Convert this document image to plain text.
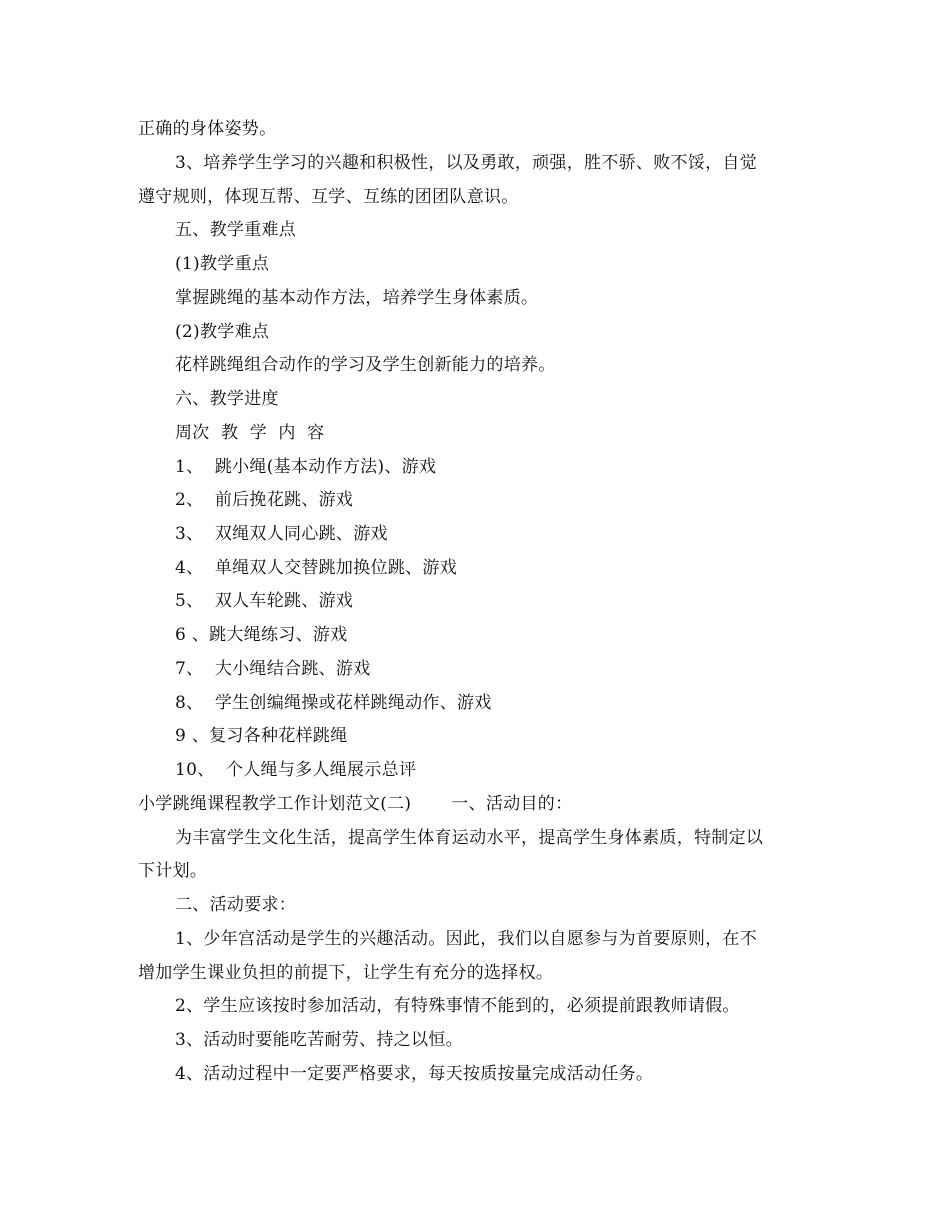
正确的身体姿势。
3、培养学生学习的兴趣和积极性，以及勇敢，顽强，胜不骄、败不馁，自觉
遵守规则，体现互帮、互学、互练的团团队意识。
五、教学重难点
(1)教学重点
掌握跳绳的基本动作方法，培养学生身体素质。
(2)教学难点
花样跳绳组合动作的学习及学生创新能力的培养。
六、教学进度
周次  教  学  内  容
1、  跳小绳(基本动作方法)、游戏
2、  前后挽花跳、游戏
3、  双绳双人同心跳、游戏
4、  单绳双人交替跳加换位跳、游戏
5、  双人车轮跳、游戏
6 、跳大绳练习、游戏
7、  大小绳结合跳、游戏
8、  学生创编绳操或花样跳绳动作、游戏
9 、复习各种花样跳绳
10、  个人绳与多人绳展示总评
小学跳绳课程教学工作计划范文(二)       一、活动目的：
为丰富学生文化生活，提高学生体育运动水平，提高学生身体素质，特制定以
下计划。
二、活动要求：
1、少年宫活动是学生的兴趣活动。因此，我们以自愿参与为首要原则，在不
增加学生课业负担的前提下，让学生有充分的选择权。
2、学生应该按时参加活动，有特殊事情不能到的，必须提前跟教师请假。
3、活动时要能吃苦耐劳、持之以恒。
4、活动过程中一定要严格要求，每天按质按量完成活动任务。
